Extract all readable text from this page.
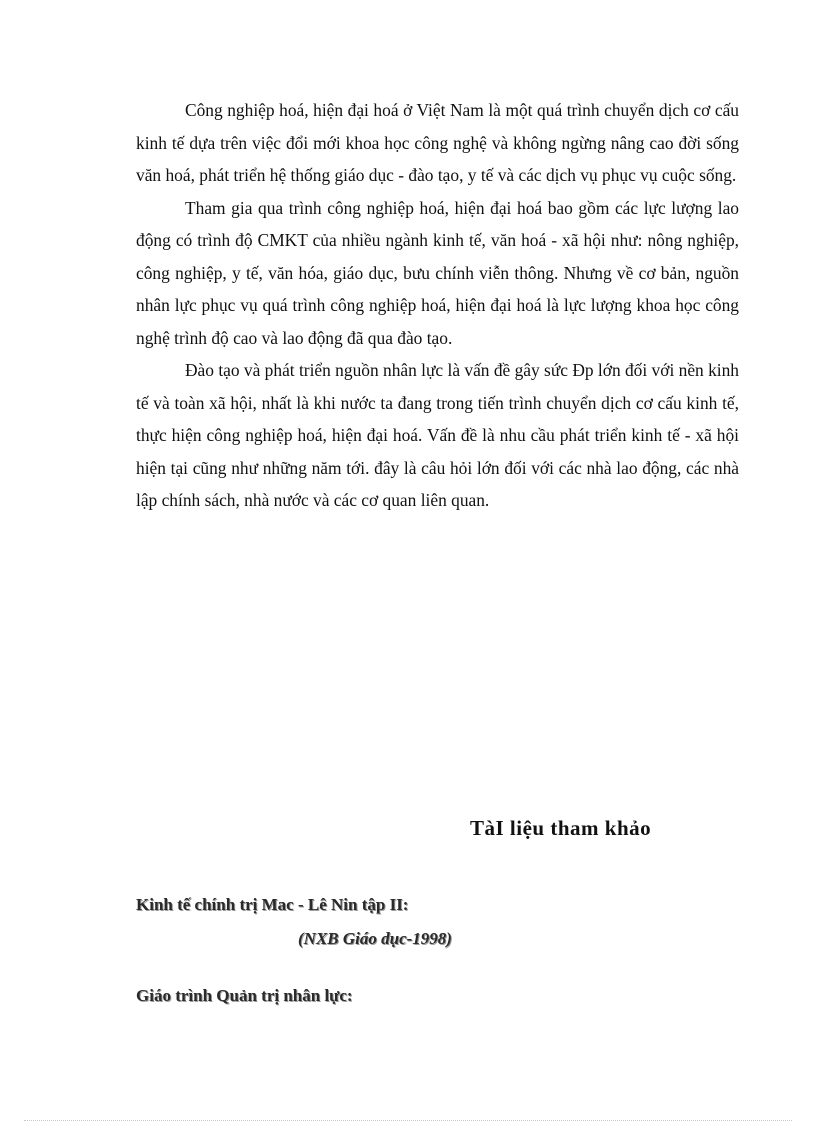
Công nghiệp hoá, hiện đại hoá ở Việt Nam là một quá trình chuyển dịch cơ cấu kinh tế dựa trên việc đổi mới khoa học công nghệ và không ngừng nâng cao đời sống văn hoá, phát triển hệ thống giáo dục - đào tạo, y tế và các dịch vụ phục vụ cuộc sống.

Tham gia qua trình công nghiệp hoá, hiện đại hoá bao gồm các lực lượng lao động có trình độ CMKT của nhiều ngành kinh tế, văn hoá - xã hội như: nông nghiệp, công nghiệp, y tế, văn hóa, giáo dục, bưu chính viễn thông. Nhưng về cơ bản, nguồn nhân lực phục vụ quá trình công nghiệp hoá, hiện đại hoá là lực lượng khoa học công nghệ trình độ cao và lao động đã qua đào tạo.

Đào tạo và phát triển nguồn nhân lực là vấn đề gây sức Đp lớn đối với nền kinh tế và toàn xã hội, nhất là khi nước ta đang trong tiến trình chuyển dịch cơ cấu kinh tế, thực hiện công nghiệp hoá, hiện đại hoá. Vấn đề là nhu cầu phát triển kinh tế - xã hội hiện tại cũng như những năm tới. đây là câu hỏi lớn đối với các nhà lao động, các nhà lập chính sách, nhà nước và các cơ quan liên quan.

TàI liệu tham khảo

Kinh tế chính trị Mac - Lê Nin tập II:

(NXB Giáo dục-1998)

Giáo trình Quản trị nhân lực:
